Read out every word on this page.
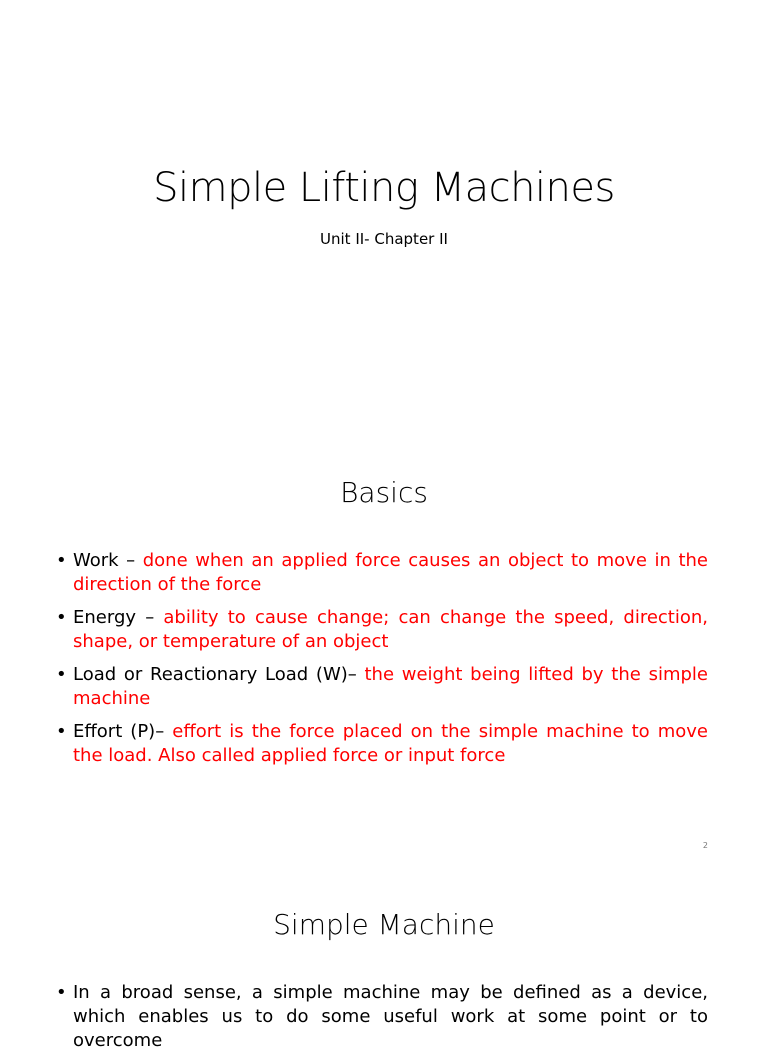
Simple Lifting Machines
Unit II- Chapter II
Basics
• Work – done when an applied force causes an object to move in the direction of the force
• Energy – ability to cause change; can change the speed, direction, shape, or temperature of an object
• Load or Reactionary Load (W)– the weight being lifted by the simple machine
• Effort (P)– effort is the force placed on the simple machine to move the load. Also called applied force or input force
2
Simple Machine
• In a broad sense, a simple machine may be defined as a device, which enables us to do some useful work at some point or to overcome
